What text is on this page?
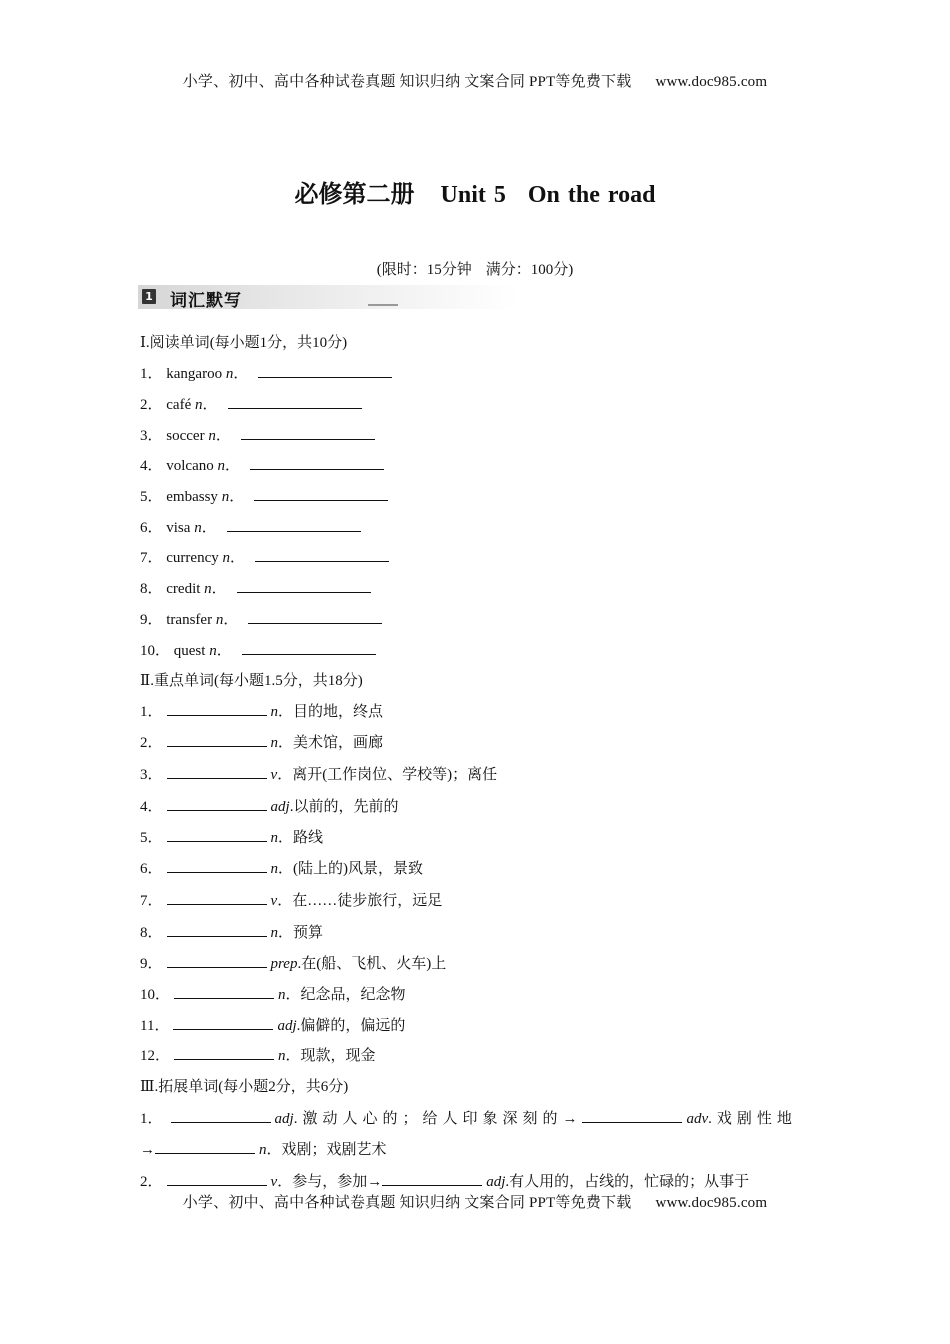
小学、初中、高中各种试卷真题 知识归纳 文案合同 PPT等免费下载 www.doc985.com
必修第二册 Unit 5 On the road
(限时：15分钟 满分：100分)
1 词汇默写
Ⅰ.阅读单词(每小题1分，共10分)
1． kangaroo n．
2． café n．
3． soccer n．
4． volcano n．
5． embassy n．
6． visa n．
7． currency n．
8． credit n．
9． transfer n．
10． quest n．
Ⅱ.重点单词(每小题1.5分，共18分)
1．	n．目的地，终点
2．	n．美术馆，画廊
3．	v．离开(工作岗位、学校等)；离任
4．	adj.以前的，先前的
5．	n．路线
6．	n．(陆上的)风景，景致
7．	v．在……徒步旅行，远足
8．	n．预算
9．	prep.在(船、飞机、火车)上
10．	n．纪念品，纪念物
11．	adj.偏僻的，偏远的
12．	n．现款，现金
Ⅲ.拓展单词(每小题2分，共6分)
1．	adj.激动人心的；给人印象深刻的→	adv.戏剧性地
→	n．戏剧；戏剧艺术
2．	v．参与，参加→	adj.有人用的，占线的，忙碌的；从事于
小学、初中、高中各种试卷真题 知识归纳 文案合同 PPT等免费下载 www.doc985.com
